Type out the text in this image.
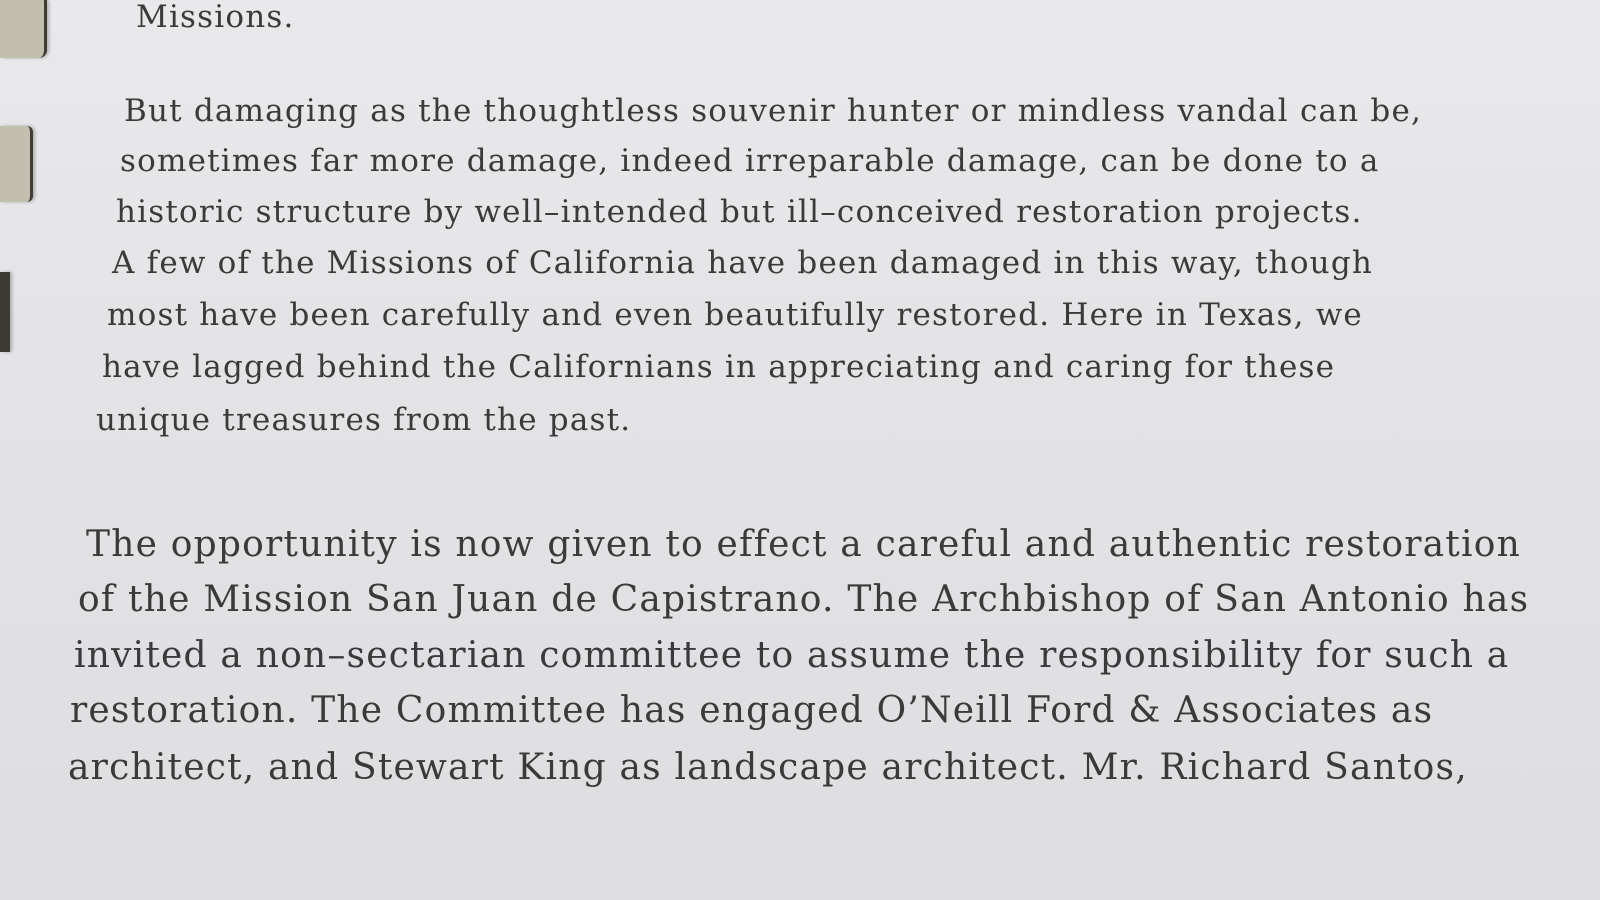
Missions.

But damaging as the thoughtless souvenir hunter or mindless vandal can be,

sometimes far more damage, indeed irreparable damage, can be done to a

historic structure by well–intended but ill–conceived restoration projects.

A few of the Missions of California have been damaged in this way, though

most have been carefully and even beautifully restored. Here in Texas, we

have lagged behind the Californians in appreciating and caring for these

unique treasures from the past.

The opportunity is now given to effect a careful and authentic restoration

of the Mission San Juan de Capistrano. The Archbishop of San Antonio has

invited a non–sectarian committee to assume the responsibility for such a

restoration. The Committee has engaged O’Neill Ford & Associates as

architect, and Stewart King as landscape architect. Mr. Richard Santos,
